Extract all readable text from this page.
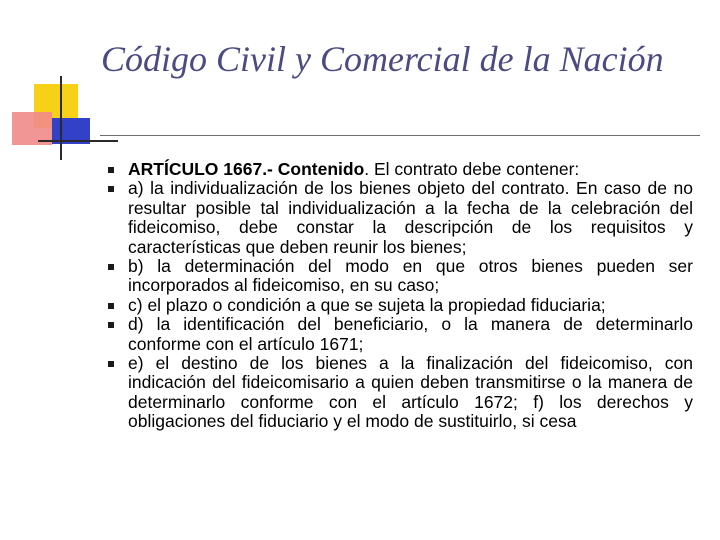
Código Civil y Comercial de la Nación
ARTÍCULO 1667.- Contenido. El contrato debe contener:
a) la individualización de los bienes objeto del contrato. En caso de no resultar posible tal individualización a la fecha de la celebración del fideicomiso, debe constar la descripción de los requisitos y características que deben reunir los bienes;
b) la determinación del modo en que otros bienes pueden ser incorporados al fideicomiso, en su caso;
c) el plazo o condición a que se sujeta la propiedad fiduciaria;
d) la identificación del beneficiario, o la manera de determinarlo conforme con el artículo 1671;
e) el destino de los bienes a la finalización del fideicomiso, con indicación del fideicomisario a quien deben transmitirse o la manera de determinarlo conforme con el artículo 1672; f) los derechos y obligaciones del fiduciario y el modo de sustituirlo, si cesa
